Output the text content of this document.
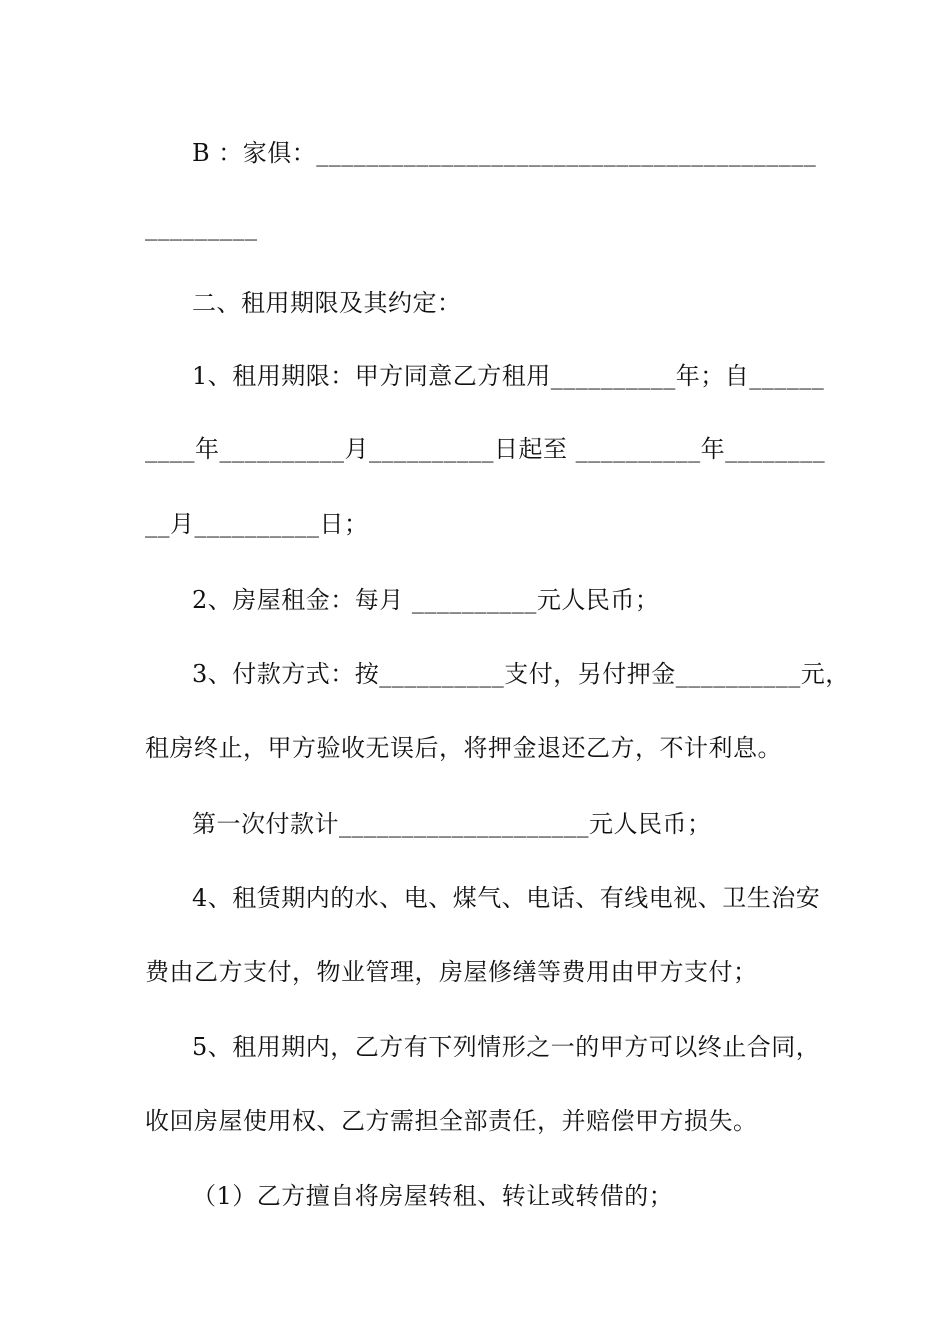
B ：家俱：________________________________________
_________
二、租用期限及其约定：
1、租用期限：甲方同意乙方租用__________年；自______
____年__________月__________日起至 __________年________
__月__________日；
2、房屋租金：每月 __________元人民币；
3、付款方式：按__________支付，另付押金__________元，
租房终止，甲方验收无误后，将押金退还乙方，不计利息。
第一次付款计____________________元人民币；
4、租赁期内的水、电、煤气、电话、有线电视、卫生治安
费由乙方支付，物业管理，房屋修缮等费用由甲方支付；
5、租用期内，乙方有下列情形之一的甲方可以终止合同，
收回房屋使用权、乙方需担全部责任，并赔偿甲方损失。
（1）乙方擅自将房屋转租、转让或转借的；
